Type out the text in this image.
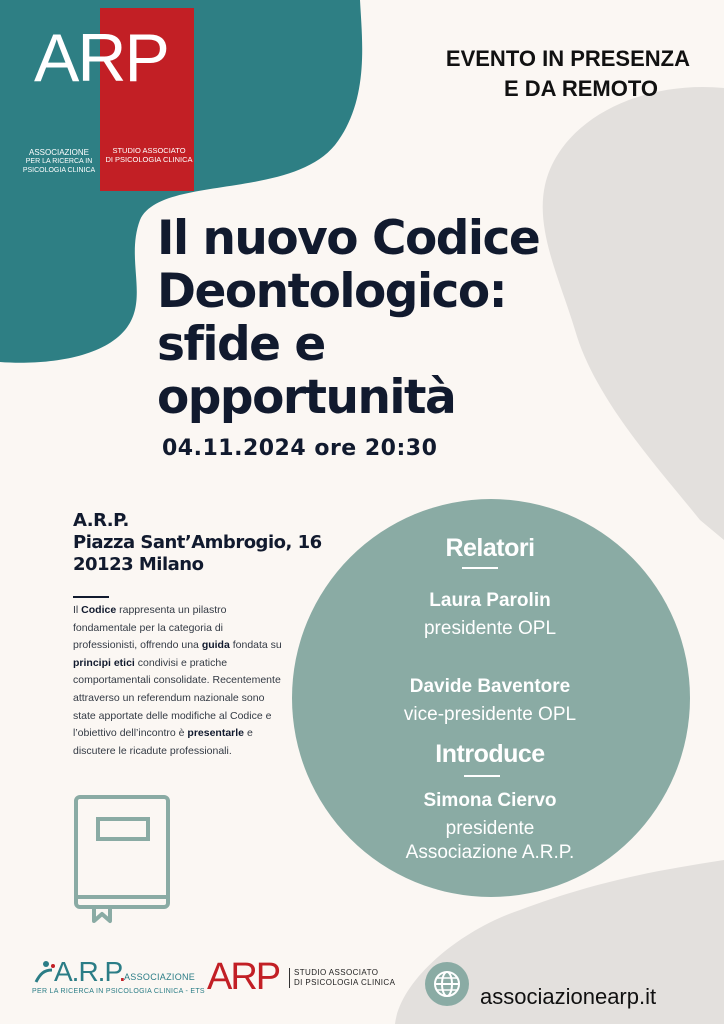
ARP
ASSOCIAZIONE
PER LA RICERCA IN PSICOLOGIA CLINICA
STUDIO ASSOCIATO
DI PSICOLOGIA CLINICA
EVENTO IN PRESENZA
E DA REMOTO
Il nuovo Codice
Deontologico:
sfide e
opportunità
04.11.2024 ore 20:30
A.R.P.
Piazza Sant’Ambrogio, 16
20123 Milano
Il Codice rappresenta un pilastro fondamentale per la categoria di professionisti, offrendo una guida fondata su principi etici condivisi e pratiche comportamentali consolidate. Recentemente attraverso un referendum nazionale sono state apportate delle modifiche al Codice e l’obiettivo dell’incontro è presentarle e discutere le ricadute professionali.
Relatori
Laura Parolin
presidente OPL
Davide Baventore
vice-presidente OPL
Introduce
Simona Ciervo
presidente
Associazione A.R.P.
A.R.P.
ASSOCIAZIONE
PER LA RICERCA IN PSICOLOGIA CLINICA - ETS ARP STUDIO ASSOCIATO
DI PSICOLOGIA CLINICA
associazionearp.it
